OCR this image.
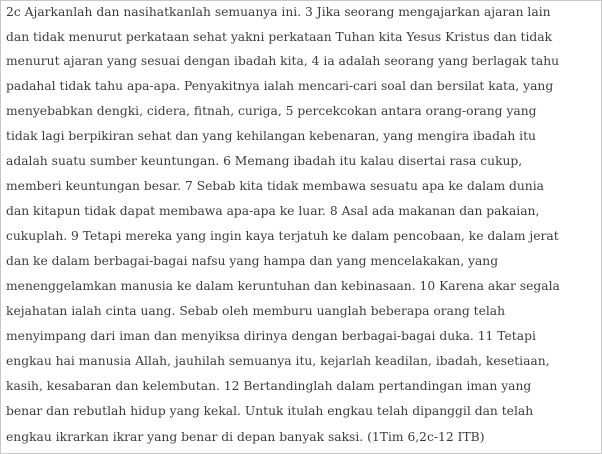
2c Ajarkanlah dan nasihatkanlah semuanya ini. 3 Jika seorang mengajarkan ajaran lain

dan tidak menurut perkataan sehat yakni perkataan Tuhan kita Yesus Kristus dan tidak

menurut ajaran yang sesuai dengan ibadah kita, 4 ia adalah seorang yang berlagak tahu

padahal tidak tahu apa-apa. Penyakitnya ialah mencari-cari soal dan bersilat kata, yang

menyebabkan dengki, cidera, fitnah, curiga, 5 percekcokan antara orang-orang yang

tidak lagi berpikiran sehat dan yang kehilangan kebenaran, yang mengira ibadah itu

adalah suatu sumber keuntungan. 6 Memang ibadah itu kalau disertai rasa cukup,

memberi keuntungan besar. 7 Sebab kita tidak membawa sesuatu apa ke dalam dunia

dan kitapun tidak dapat membawa apa-apa ke luar. 8 Asal ada makanan dan pakaian,

cukuplah. 9 Tetapi mereka yang ingin kaya terjatuh ke dalam pencobaan, ke dalam jerat

dan ke dalam berbagai-bagai nafsu yang hampa dan yang mencelakakan, yang

menenggelamkan manusia ke dalam keruntuhan dan kebinasaan. 10 Karena akar segala

kejahatan ialah cinta uang. Sebab oleh memburu uanglah beberapa orang telah

menyimpang dari iman dan menyiksa dirinya dengan berbagai-bagai duka. 11 Tetapi

engkau hai manusia Allah, jauhilah semuanya itu, kejarlah keadilan, ibadah, kesetiaan,

kasih, kesabaran dan kelembutan. 12 Bertandinglah dalam pertandingan iman yang

benar dan rebutlah hidup yang kekal. Untuk itulah engkau telah dipanggil dan telah

engkau ikrarkan ikrar yang benar di depan banyak saksi. (1Tim 6,2c-12 ITB)
